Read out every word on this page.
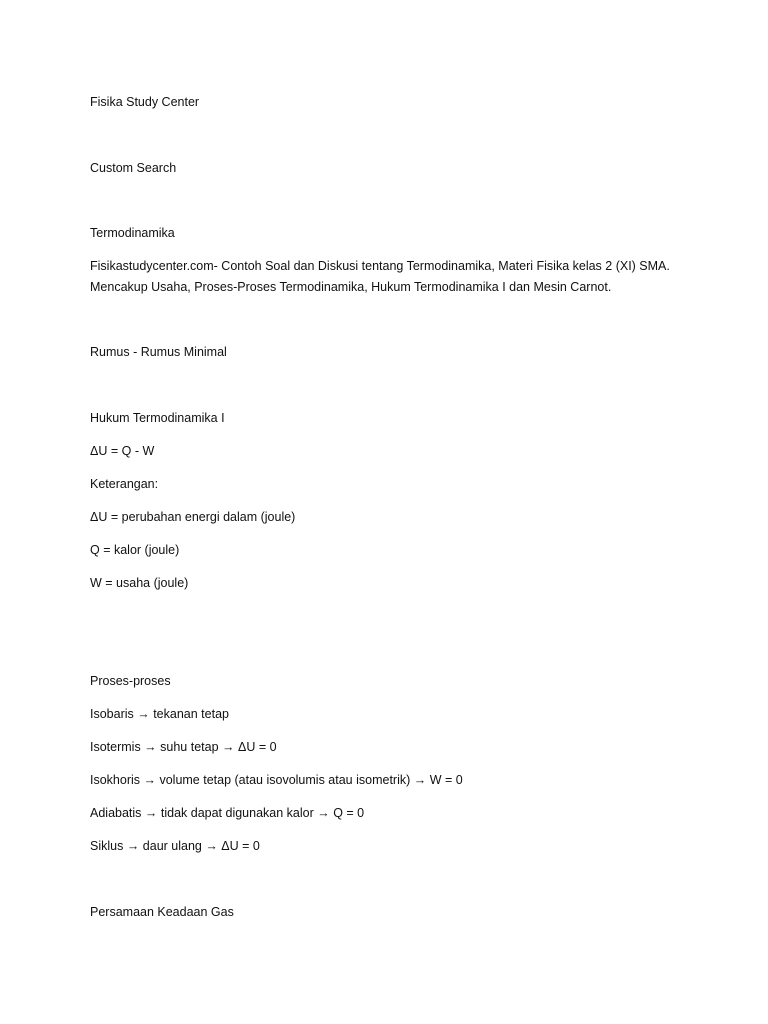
Fisika Study Center
Custom Search
Termodinamika
Fisikastudycenter.com- Contoh Soal dan Diskusi tentang Termodinamika, Materi Fisika kelas 2 (XI) SMA.
Mencakup Usaha, Proses-Proses Termodinamika, Hukum Termodinamika I dan Mesin Carnot.
Rumus - Rumus Minimal
Hukum Termodinamika I
ΔU = Q - W
Keterangan:
ΔU = perubahan energi dalam (joule)
Q = kalor (joule)
W = usaha (joule)
Proses-proses
Isobaris → tekanan tetap
Isotermis → suhu tetap → ΔU = 0
Isokhoris → volume tetap (atau isovolumis atau isometrik) → W = 0
Adiabatis → tidak dapat digunakan kalor → Q = 0
Siklus → daur ulang → ΔU = 0
Persamaan Keadaan Gas
